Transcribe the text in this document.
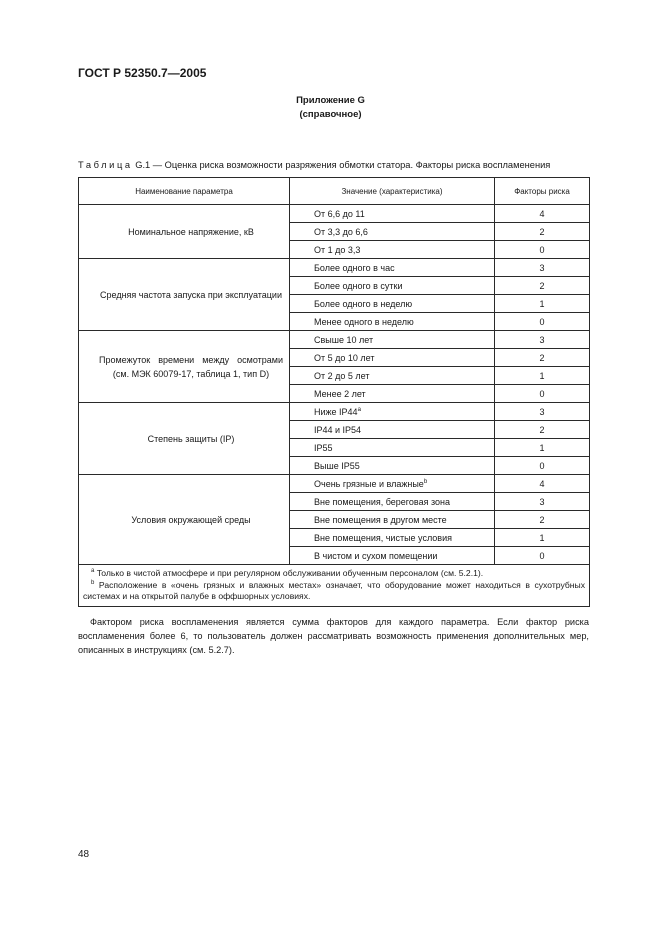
ГОСТ Р 52350.7—2005
Приложение G
(справочное)
Таблица G.1 — Оценка риска возможности разряжения обмотки статора. Факторы риска воспламенения
Наименование параметра	Значение (характеристика)	Факторы риска
Номинальное напряжение, кВ	От 6,6 до 11	4
	От 3,3 до 6,6	2
	От 1 до 3,3	0
Средняя частота запуска при эксплуатации	Более одного в час	3
	Более одного в сутки	2
	Более одного в неделю	1
	Менее одного в неделю	0
Промежуток времени между осмотрами (см. МЭК 60079-17, таблица 1, тип D)	Свыше 10 лет	3
	От 5 до 10 лет	2
	От 2 до 5 лет	1
	Менее 2 лет	0
Степень защиты (IP)	Ниже IP44$^a$	3
	IP44 и IP54	2
	IP55	1
	Выше IP55	0
Условия окружающей среды	Очень грязные и влажные$^b$	4
	Вне помещения, береговая зона	3
	Вне помещения в другом месте	2
	Вне помещения, чистые условия	1
	В чистом и сухом помещении	0

$^a$ Только в чистой атмосфере и при регулярном обслуживании обученным персоналом (см. 5.2.1).
$^b$ Расположение в «очень грязных и влажных местах» означает, что оборудование может находиться в сухотрубных системах и на открытой палубе в оффшорных условиях.		
Фактором риска воспламенения является сумма факторов для каждого параметра. Если фактор риска воспламенения более 6, то пользователь должен рассматривать возможность применения дополнительных мер, описанных в инструкциях (см. 5.2.7).
48
